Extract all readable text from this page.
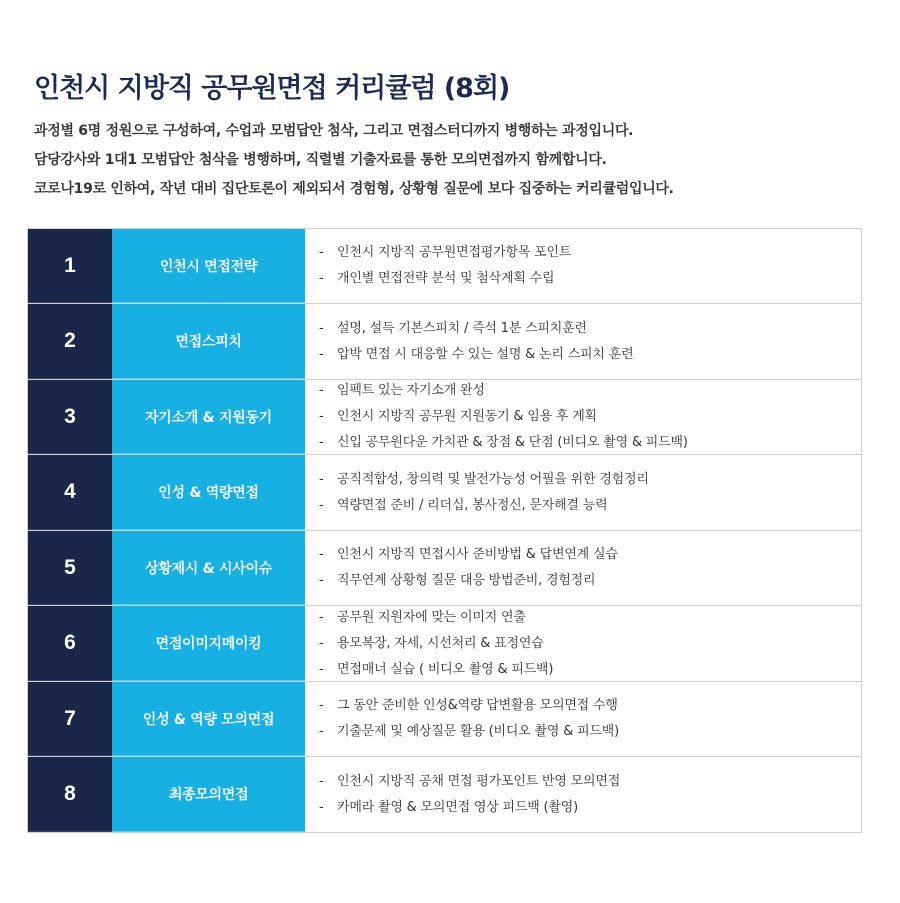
인천시 지방직 공무원면접 커리큘럼 (8회)
과정별 6명 정원으로 구성하여, 수업과 모범답안 첨삭, 그리고 면접스터디까지 병행하는 과정입니다.
담당강사와 1대1 모범답안 첨삭을 병행하며, 직렬별 기출자료를 통한 모의면접까지 함께합니다.
코로나19로 인하여, 작년 대비 집단토론이 제외되서 경험형, 상황형 질문에 보다 집중하는 커리큘럼입니다.
1	인천시 면접전략
- 인천시 지방직 공무원면접평가항목 포인트
- 개인별 면접전략 분석 및 첨삭계획 수립
2	면접스피치
- 설명, 설득 기본스피치 / 즉석 1분 스피치훈련
- 압박 면접 시 대응할 수 있는 설명 & 논리 스피치 훈련
3	자기소개 & 지원동기
- 임펙트 있는 자기소개 완성
- 인천시 지방직 공무원 지원동기 & 임용 후 계획
- 신입 공무원다운 가치관 & 장점 & 단점 (비디오 촬영 & 피드백)
4	인성 & 역량면접
- 공직적합성, 창의력 및 발전가능성 어필을 위한 경험정리
- 역량면접 준비 / 리더십, 봉사정신, 문자해결 능력
5	상황제시 & 시사이슈
- 인천시 지방직 면접시사 준비방법 & 답변연계 실습
- 직무연계 상황형 질문 대응 방법준비, 경험정리
6	면접이미지메이킹
- 공무원 지원자에 맞는 이미지 연출
- 용모복장, 자세, 시선처리 & 표정연습
- 면접매너 실습 ( 비디오 촬영 & 피드백)
7	인성 & 역량 모의면접
- 그 동안 준비한 인성&역량 답변활용 모의면접 수행
- 기출문제 및 예상질문 활용 (비디오 촬영 & 피드백)
8	최종모의면접
- 인천시 지방직 공채 면접 평가포인트 반영 모의면접
- 카메라 촬영 & 모의면접 영상 피드백 (촬영)
